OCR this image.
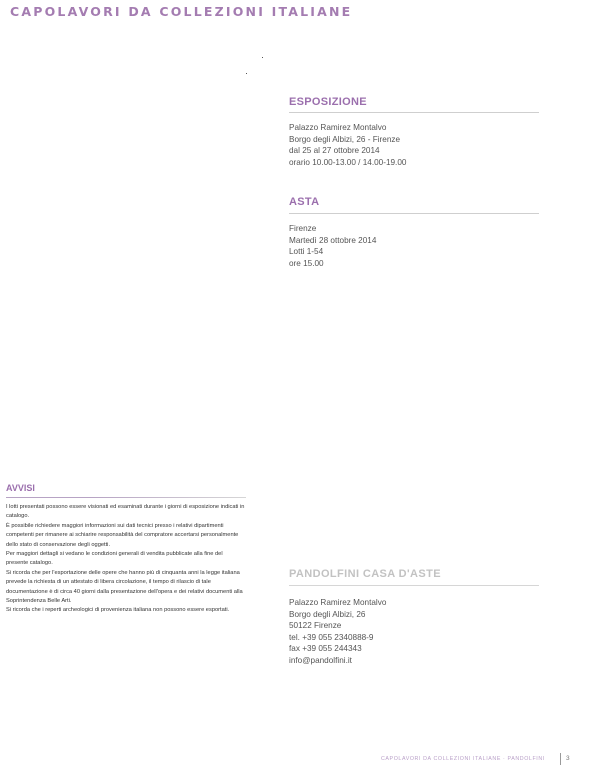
CAPOLAVORI DA COLLEZIONI ITALIANE
ESPOSIZIONE
Palazzo Ramirez Montalvo
Borgo degli Albizi, 26 - Firenze
dal 25 al 27 ottobre 2014
orario 10.00-13.00 / 14.00-19.00
ASTA
Firenze
Martedì 28 ottobre 2014
Lotti 1-54
ore 15.00
AVVISI

I lotti presentati possono essere visionati ed esaminati durante i giorni di esposizione indicati in catalogo.

È possibile richiedere maggiori informazioni sui dati tecnici presso i relativi dipartimenti competenti per rimanere ai schiarire responsabilità del compratore accertarsi personalmente dello stato di conservazione degli oggetti.

Per maggiori dettagli si vedano le condizioni generali di vendita pubblicate alla fine del presente catalogo.

Si ricorda che per l'esportazione delle opere che hanno più di cinquanta anni la legge italiana prevede la richiesta di un attestato di libera circolazione, il tempo di rilascio di tale documentazione è di circa 40 giorni dalla presentazione dell'opera e dei relativi documenti alla Soprintendenza Belle Arti.

Si ricorda che i reperti archeologici di provenienza italiana non possono essere esportati.

PANDOLFINI CASA D'ASTE
Palazzo Ramirez Montalvo
Borgo degli Albizi, 26
50122 Firenze
tel. +39 055 2340888-9
fax +39 055 244343
info@pandolfini.it

CAPOLAVORI DA COLLEZIONI ITALIANE · PANDOLFINI	3
